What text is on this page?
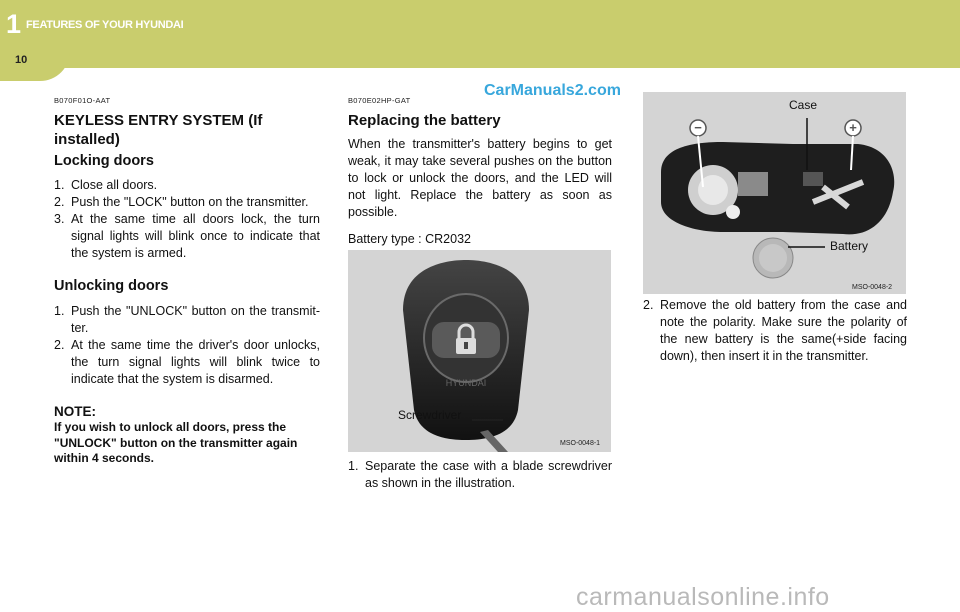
1 FEATURES OF YOUR HYUNDAI
10
CarManuals2.com
B070F01O-AAT
KEYLESS ENTRY SYSTEM (If installed)
Locking doors
1. Close all doors.
2. Push the "LOCK" button on the transmitter.
3. At the same time all doors lock, the turn signal lights will blink once to indicate that the system is armed.
Unlocking doors
1. Push the "UNLOCK" button on the transmit-ter.
2. At the same time the driver's door unlocks, the turn signal lights will blink twice to indicate that the system is disarmed.
NOTE:
If you wish to unlock all doors, press the "UNLOCK" button on the transmitter again within 4 seconds.
B070E02HP-GAT
Replacing the battery

When the transmitter's battery begins to get weak, it may take several pushes on the button to lock or unlock the doors, and the LED will not light. Replace the battery as soon as possible.

Battery type : CR2032

HYUNDAI
Screwdriver
MSO-0048-1
1. Separate the case with a blade screwdriver as shown in the illustration.
−	+
Case
Battery
MSO-0048-2
2. Remove the old battery from the case and note the polarity. Make sure the polarity of the new battery is the same(+side facing down), then insert it in the transmitter.
carmanualsonline.info
